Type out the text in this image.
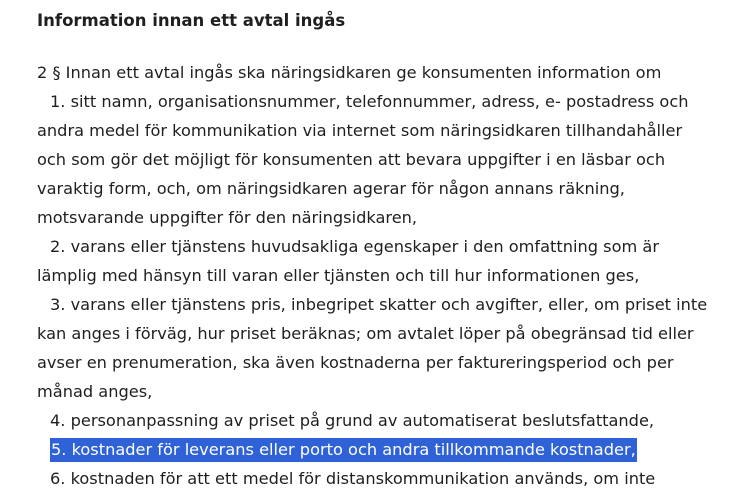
Information innan ett avtal ingås
2 § Innan ett avtal ingås ska näringsidkaren ge konsumenten information om
1. sitt namn, organisationsnummer, telefonnummer, adress, e- postadress och
andra medel för kommunikation via internet som näringsidkaren tillhandahåller
och som gör det möjligt för konsumenten att bevara uppgifter i en läsbar och
varaktig form, och, om näringsidkaren agerar för någon annans räkning,
motsvarande uppgifter för den näringsidkaren,
2. varans eller tjänstens huvudsakliga egenskaper i den omfattning som är
lämplig med hänsyn till varan eller tjänsten och till hur informationen ges,
3. varans eller tjänstens pris, inbegripet skatter och avgifter, eller, om priset inte
kan anges i förväg, hur priset beräknas; om avtalet löper på obegränsad tid eller
avser en prenumeration, ska även kostnaderna per faktureringsperiod och per
månad anges,
4. personanpassning av priset på grund av automatiserat beslutsfattande,
5. kostnader för leverans eller porto och andra tillkommande kostnader,
6. kostnaden för att ett medel för distanskommunikation används, om inte
